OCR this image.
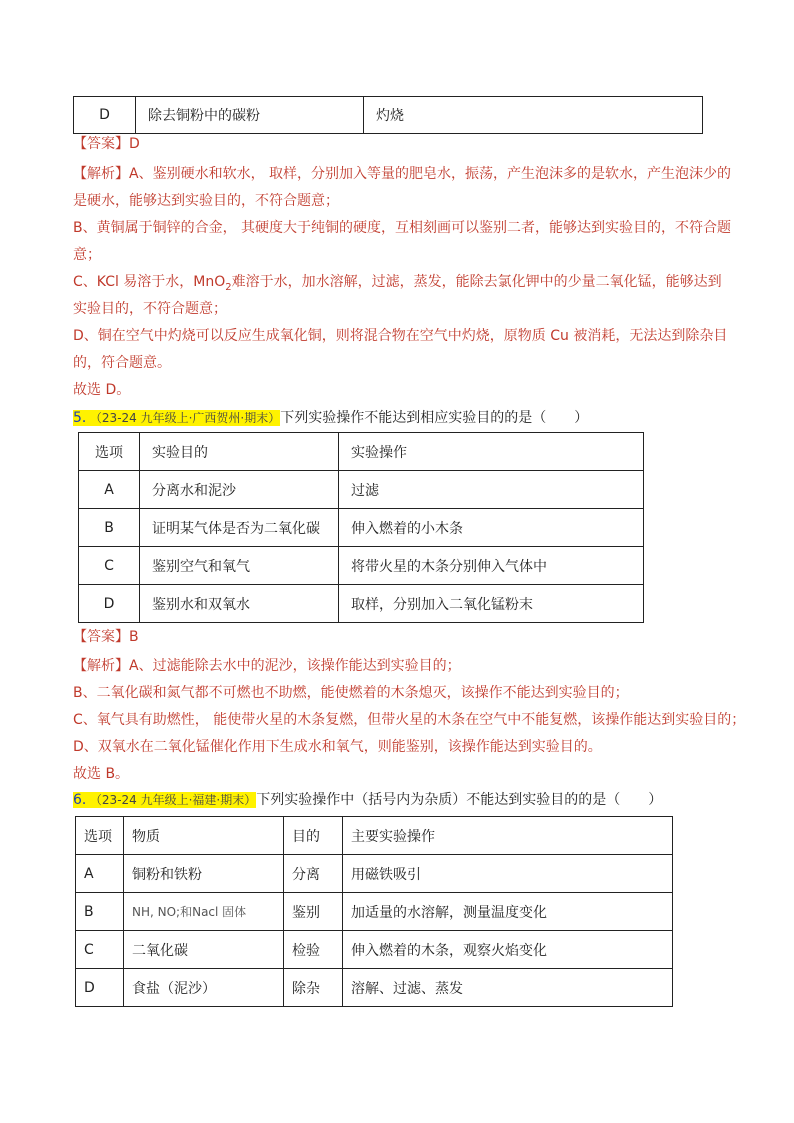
D	除去铜粉中的碳粉	灼烧
【答案】D
【解析】A、鉴别硬水和软水， 取样，分别加入等量的肥皂水，振荡，产生泡沫多的是软水，产生泡沫少的
是硬水，能够达到实验目的，不符合题意；
B、黄铜属于铜锌的合金， 其硬度大于纯铜的硬度，互相刻画可以鉴别二者，能够达到实验目的，不符合题
意；
C、KCl 易溶于水，MnO$_2$难溶于水，加水溶解，过滤，蒸发，能除去氯化钾中的少量二氧化锰，能够达到
实验目的，不符合题意；
D、铜在空气中灼烧可以反应生成氧化铜，则将混合物在空气中灼烧，原物质 Cu 被消耗，无法达到除杂目
的，符合题意。
故选 D。
5．（23-24 九年级上·广西贺州·期末）下列实验操作不能达到相应实验目的的是（　　）
选项	实验目的	实验操作
A	分离水和泥沙	过滤
B	证明某气体是否为二氧化碳	伸入燃着的小木条
C	鉴别空气和氧气	将带火星的木条分别伸入气体中
D	鉴别水和双氧水	取样，分别加入二氧化锰粉末
【答案】B
【解析】A、过滤能除去水中的泥沙，该操作能达到实验目的；
B、二氧化碳和氮气都不可燃也不助燃，能使燃着的木条熄灭，该操作不能达到实验目的；
C、氧气具有助燃性， 能使带火星的木条复燃，但带火星的木条在空气中不能复燃，该操作能达到实验目的；
D、双氧水在二氧化锰催化作用下生成水和氧气，则能鉴别，该操作能达到实验目的。
故选 B。
6．（23-24 九年级上·福建·期末）下列实验操作中（括号内为杂质）不能达到实验目的的是（　　）
选项	物质	目的	主要实验操作
A	铜粉和铁粉	分离	用磁铁吸引
B	NH, NO;和Nacl 固体	鉴别	加适量的水溶解，测量温度变化
C	二氧化碳	检验	伸入燃着的木条，观察火焰变化
D	食盐（泥沙）	除杂	溶解、过滤、蒸发
